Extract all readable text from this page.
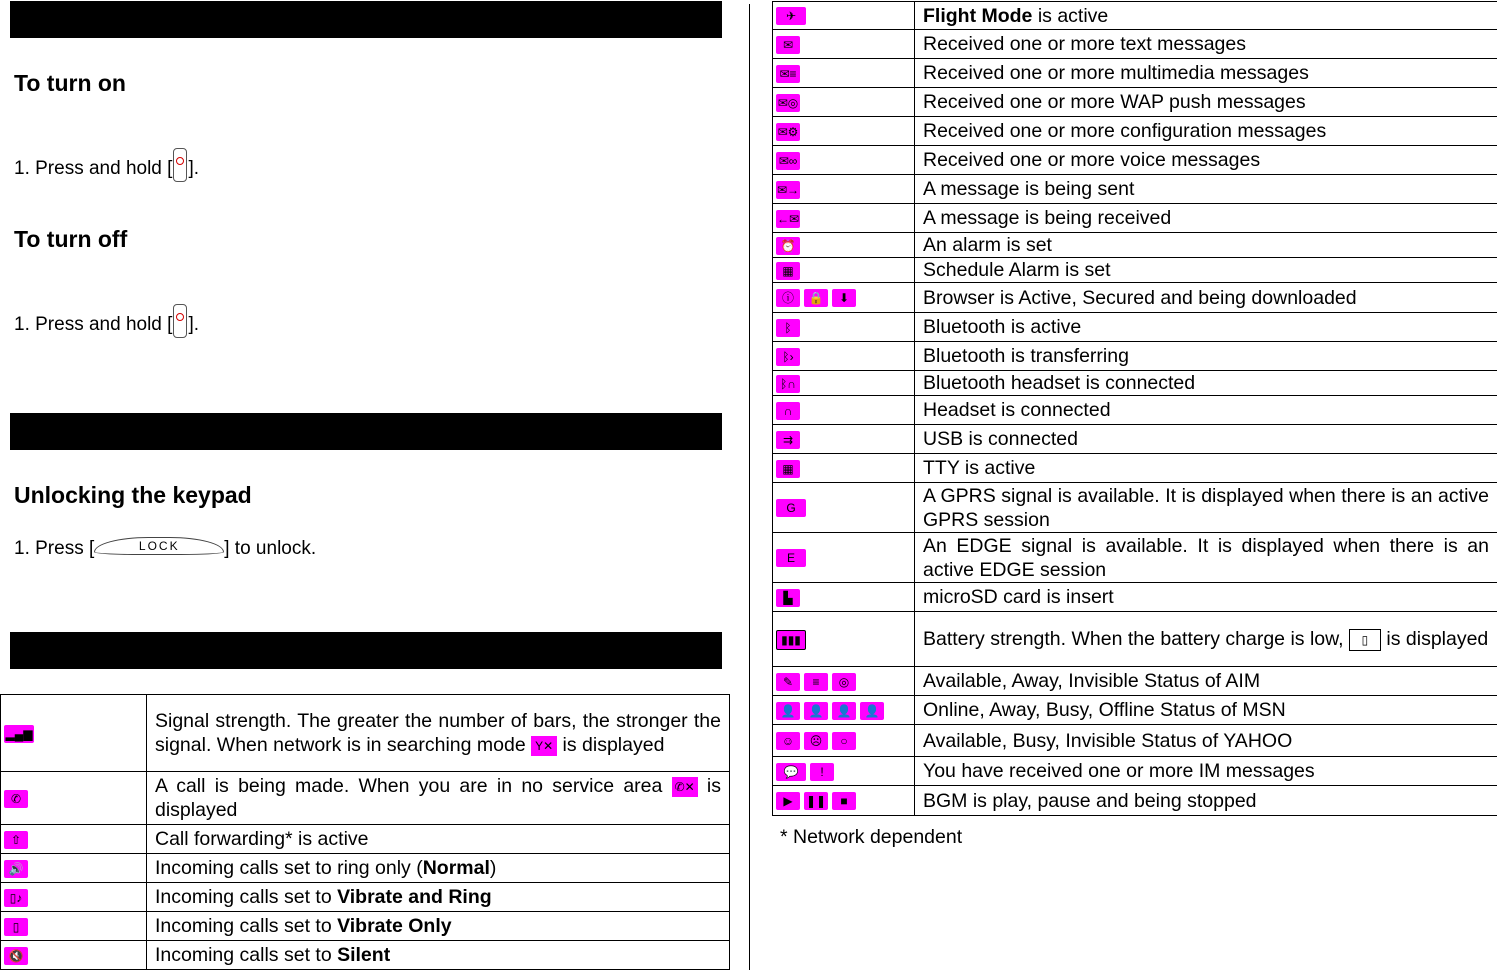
To turn on
1. Press and hold [ ].
To turn off
1. Press and hold [ ].
Unlocking the keypad
1. Press [	LOCK ] to unlock.
▂▄▆	Signal strength. The greater the number of bars, the stronger the signal. When network is in searching mode Y✕ is displayed
✆	A call is being made. When you are in no service area ✆✕ is displayed
⇧	Call forwarding* is active
🔊	Incoming calls set to ring only (Normal)
▯♪	Incoming calls set to Vibrate and Ring
▯	Incoming calls set to Vibrate Only
🔇	Incoming calls set to Silent
✈	Flight Mode is active
✉	Received one or more text messages
✉≡	Received one or more multimedia messages
✉◎	Received one or more WAP push messages
✉⚙	Received one or more configuration messages
✉∞	Received one or more voice messages
✉→	A message is being sent
←✉	A message is being received
⏰	An alarm is set
▦	Schedule Alarm is set
ⓘ 🔒 ⬇	Browser is Active, Secured and being downloaded
ᛒ	Bluetooth is active
ᛒ›	Bluetooth is transferring
ᛒ∩	Bluetooth headset is connected
∩	Headset is connected
⇉	USB is connected
▦	TTY is active
G	A GPRS signal is available. It is displayed when there is an active GPRS session
E	An EDGE signal is available. It is displayed when there is an active EDGE session
▙	microSD card is insert
▮▮▮	Battery strength. When the battery charge is low, ▯ is displayed
✎ ≡ ◎	Available, Away, Invisible Status of AIM
👤 👤 👤 👤	Online, Away, Busy, Offline Status of MSN
☺ ☹ ○	Available, Busy, Invisible Status of YAHOO
💬 !	You have received one or more IM messages
▶ ❚❚ ■	BGM is play, pause and being stopped
* Network dependent
